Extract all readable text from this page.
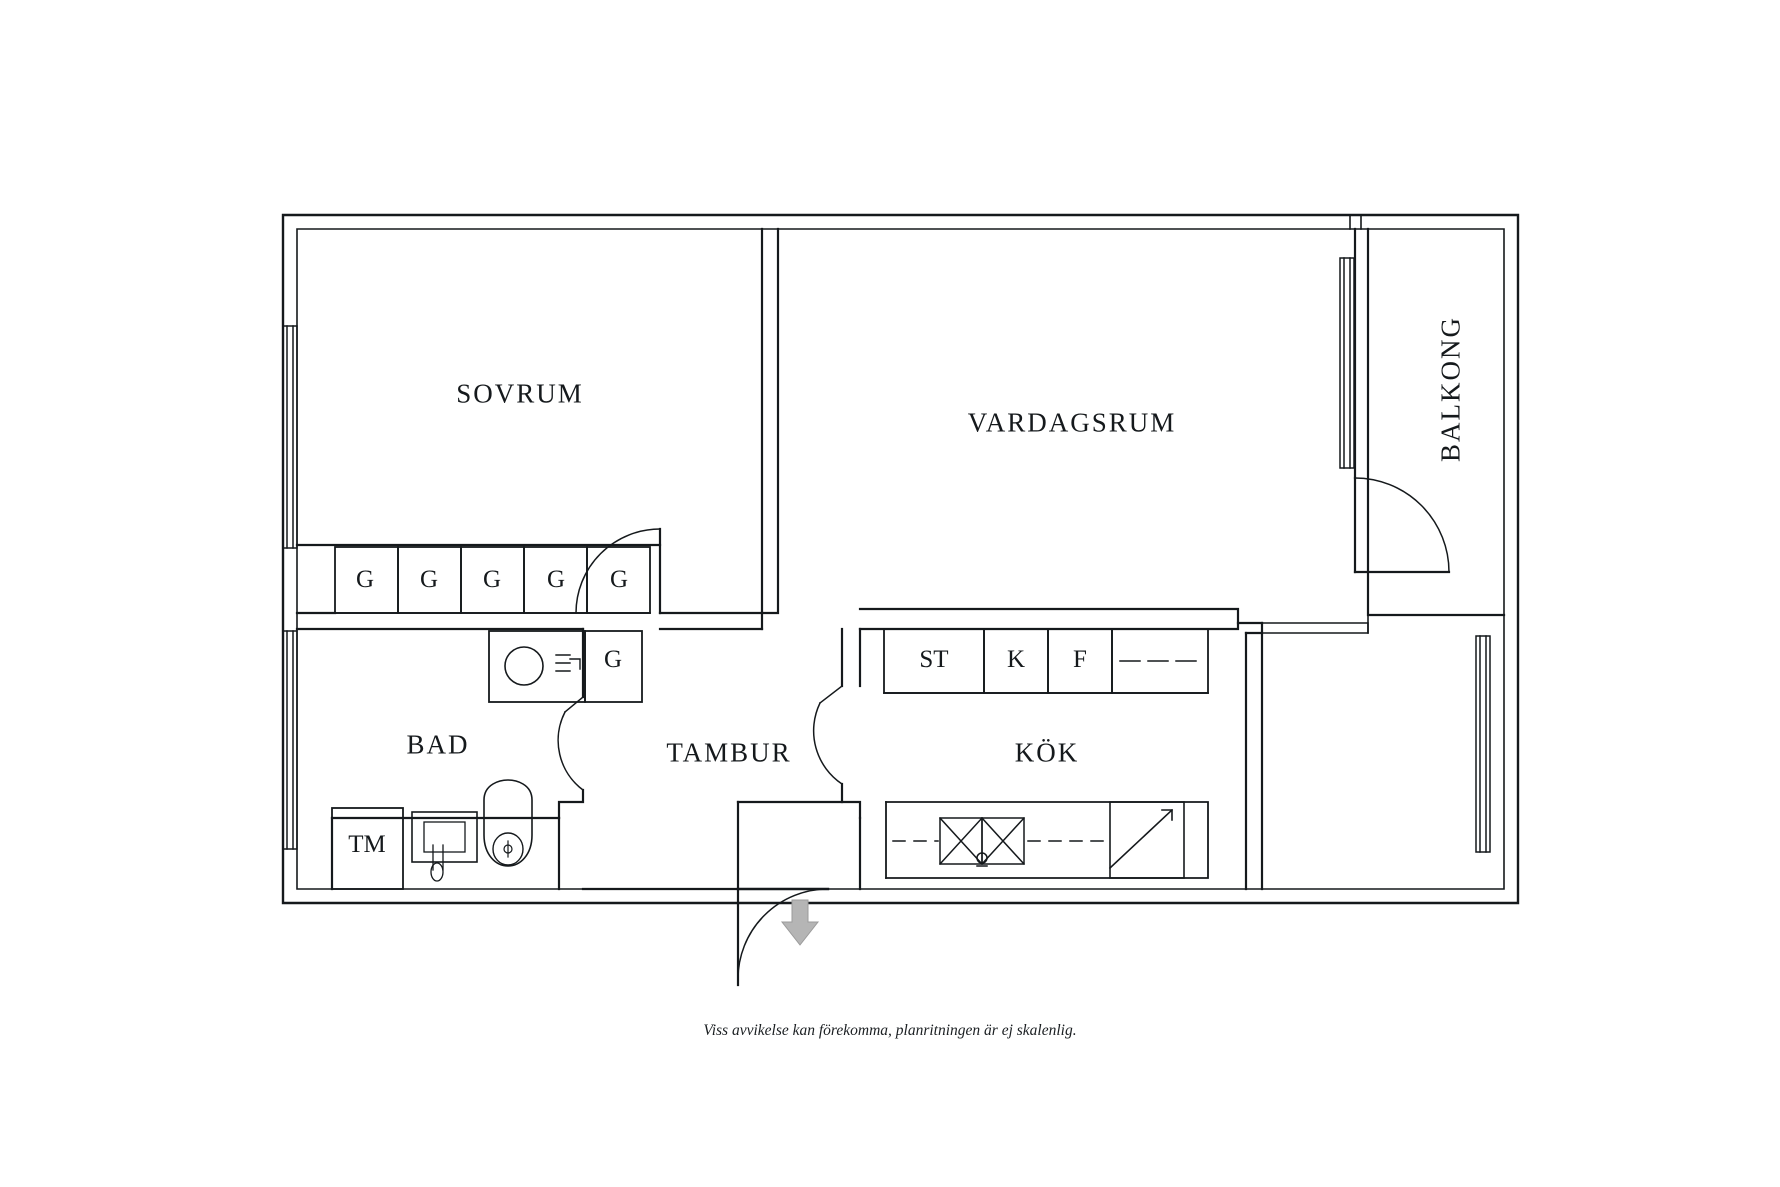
SOVRUM
VARDAGSRUM	BALKONG
BAD	TAMBUR	KÖK
G G G G G
G	ST K F
TM
Viss avvikelse kan förekomma, planritningen är ej skalenlig.
